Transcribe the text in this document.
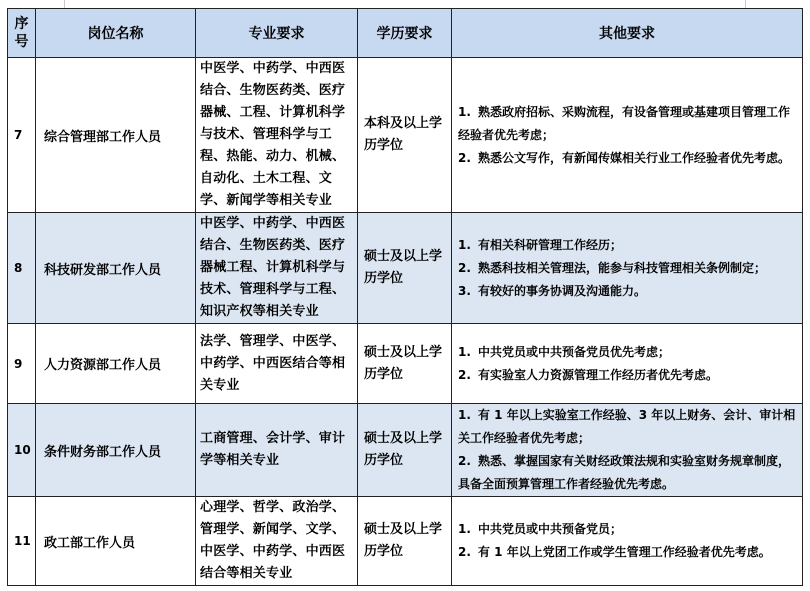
序号	岗位名称	专业要求	学历要求	其他要求
7	综合管理部工作人员	中医学、中药学、中西医结合、生物医药类、医疗器械、工程、计算机科学与技术、管理科学与工程、热能、动力、机械、自动化、土木工程、文学、新闻学等相关专业	本科及以上学历学位	1. 熟悉政府招标、采购流程，有设备管理或基建项目管理工作经验者优先考虑；

2. 熟悉公文写作，有新闻传媒相关行业工作经验者优先考虑。

8	科技研发部工作人员	中医学、中药学、中西医结合、生物医药类、医疗器械工程、计算机科学与技术、管理科学与工程、知识产权等相关专业	硕士及以上学历学位	1. 有相关科研管理工作经历；

2. 熟悉科技相关管理法，能参与科技管理相关条例制定；

3. 有较好的事务协调及沟通能力。

9	人力资源部工作人员	法学、管理学、中医学、中药学、中西医结合等相关专业	硕士及以上学历学位	1. 中共党员或中共预备党员优先考虑；

2. 有实验室人力资源管理工作经历者优先考虑。

10	条件财务部工作人员	工商管理、会计学、审计学等相关专业	硕士及以上学历学位	1. 有 1 年以上实验室工作经验、3 年以上财务、会计、审计相关工作经验者优先考虑；

2. 熟悉、掌握国家有关财经政策法规和实验室财务规章制度，具备全面预算管理工作者经验优先考虑。

11	政工部工作人员	心理学、哲学、政治学、管理学、新闻学、文学、中医学、中药学、中西医结合等相关专业	硕士及以上学历学位	1. 中共党员或中共预备党员；

2. 有 1 年以上党团工作或学生管理工作经验者优先考虑。
